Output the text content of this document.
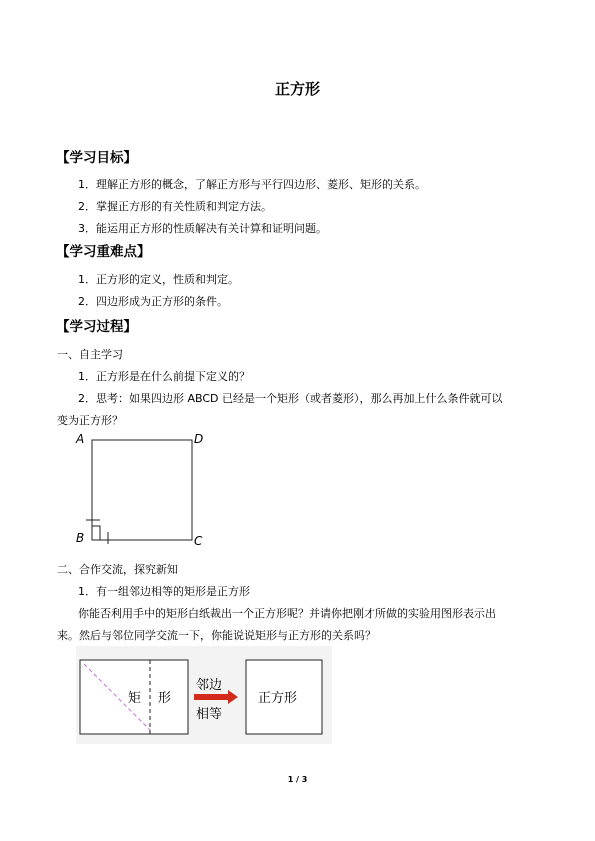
正方形
【学习目标】
1．理解正方形的概念，了解正方形与平行四边形、菱形、矩形的关系。
2．掌握正方形的有关性质和判定方法。
3．能运用正方形的性质解决有关计算和证明问题。
【学习重难点】
1．正方形的定义，性质和判定。
2．四边形成为正方形的条件。
【学习过程】
一、自主学习
1．正方形是在什么前提下定义的？
2．思考：如果四边形 ABCD 已经是一个矩形（或者菱形），那么再加上什么条件就可以
变为正方形？
A	D
B	C
二、合作交流，探究新知
1．有一组邻边相等的矩形是正方形
你能否利用手中的矩形白纸裁出一个正方形呢？并请你把刚才所做的实验用图形表示出
来。然后与邻位同学交流一下，你能说说矩形与正方形的关系吗？
矩 形
邻边
相等
正方形
1 / 3
